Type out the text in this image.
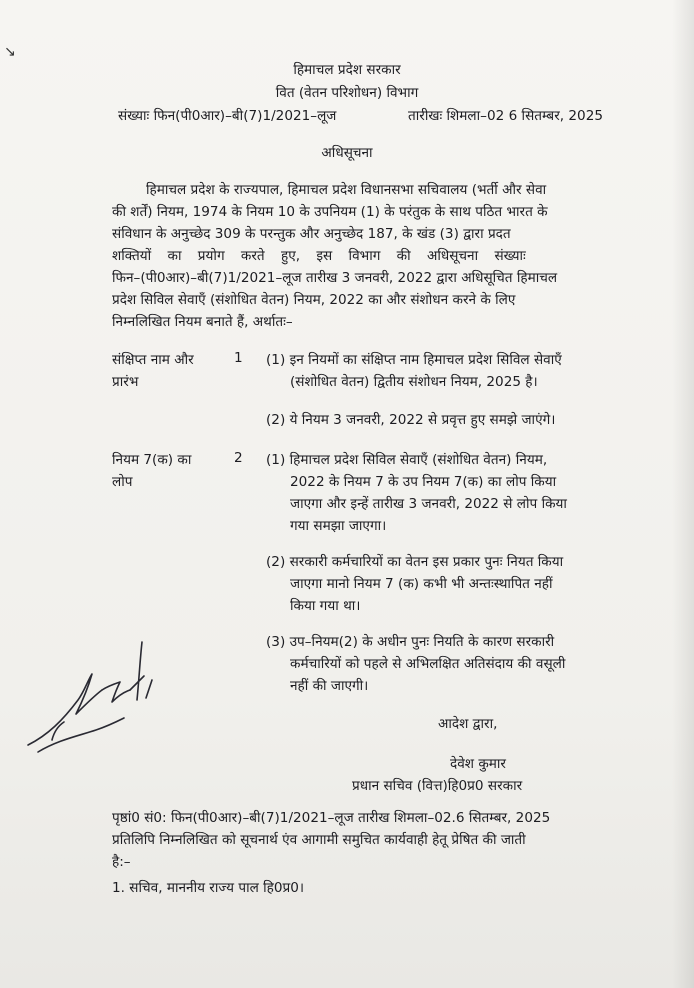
↘
हिमाचल प्रदेश सरकार
वित (वेतन परिशोधन) विभाग
संख्याः फिन(पी0आर)–बी(7)1/2021–लूज	तारीखः शिमला–02 6 सितम्बर, 2025
अधिसूचना
हिमाचल प्रदेश के राज्यपाल, हिमाचल प्रदेश विधानसभा सचिवालय (भर्ती और सेवा
की शर्तें) नियम, 1974 के नियम 10 के उपनियम (1) के परंतुक के साथ पठित भारत के
संविधान के अनुच्छेद 309 के परन्तुक और अनुच्छेद 187, के खंड (3) द्वारा प्रदत
शक्तियों का प्रयोग करते हुए, इस विभाग की अधिसूचना संख्याः
फिन–(पी0आर)–बी(7)1/2021–लूज तारीख 3 जनवरी, 2022 द्वारा अधिसूचित हिमाचल
प्रदेश सिविल सेवाएँ (संशोधित वेतन) नियम, 2022 का और संशोधन करने के लिए
निम्नलिखित नियम बनाते हैं, अर्थातः–
संक्षिप्त नाम और
प्रारंभ
1 (1) इन नियमों का संक्षिप्त नाम हिमाचल प्रदेश सिविल सेवाएँ
(संशोधित वेतन) द्वितीय संशोधन नियम, 2025 है।
(2) ये नियम 3 जनवरी, 2022 से प्रवृत्त हुए समझे जाएंगे।
नियम 7(क) का
लोप
2 (1) हिमाचल प्रदेश सिविल सेवाएँ (संशोधित वेतन) नियम,
2022 के नियम 7 के उप नियम 7(क) का लोप किया
जाएगा और इन्हें तारीख 3 जनवरी, 2022 से लोप किया
गया समझा जाएगा।
(2) सरकारी कर्मचारियों का वेतन इस प्रकार पुनः नियत किया
जाएगा मानो नियम 7 (क) कभी भी अन्तःस्थापित नहीं
किया गया था।
(3) उप–नियम(2) के अधीन पुनः नियति के कारण सरकारी
कर्मचारियों को पहले से अभिलक्षित अतिसंदाय की वसूली
नहीं की जाएगी।
आदेश द्वारा,
देवेश कुमार
प्रधान सचिव (वित्त)हि0प्र0 सरकार
पृष्ठां0 सं0: फिन(पी0आर)–बी(7)1/2021–लूज तारीख शिमला–02.6 सितम्बर, 2025
प्रतिलिपि निम्नलिखित को सूचनार्थ एंव आगामी समुचित कार्यवाही हेतू प्रेषित की जाती
है:–
1. सचिव, माननीय राज्य पाल हि0प्र0।
